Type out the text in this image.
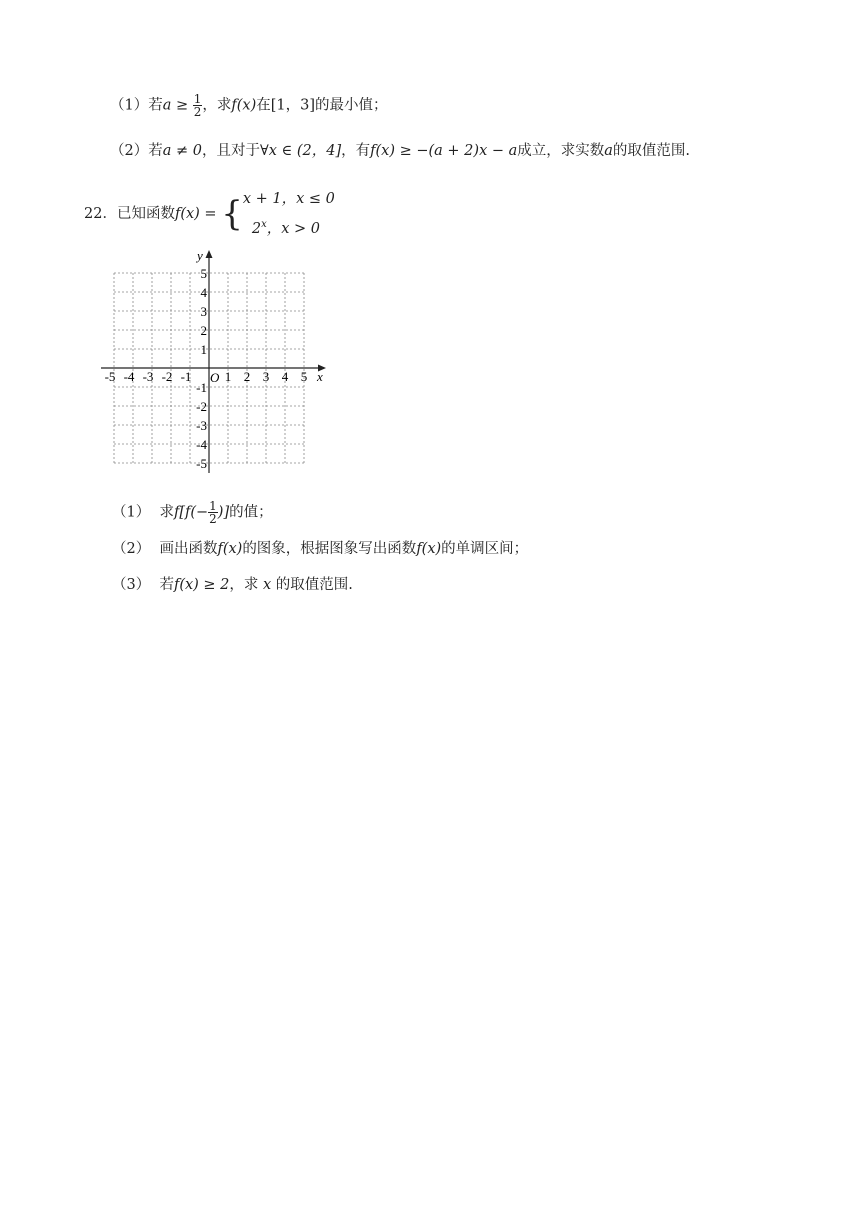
（1）若$a \ge \frac{1}{2}$ ，求f(x)在[1，3]的最小值；
（2）若a ≠ 0，且对于∀x ∈ (2，4]，有f(x) ≥ −(a + 2)x − a成立，求实数a的取值范围.
22．已知函数f(x) = { x + 1，x ≤ 0
2$^x$，x > 0
x
y
O
-5 -4 -3 -2 -1	1 2 3 4 5
5
4
3
2
1
-1
-2
-3
-4
-5
（1） 求$f[f(- \frac{1}{2}$ )]的值；
（2） 画出函数f(x)的图象，根据图象写出函数f(x)的单调区间；
（3） 若f(x) ≥ 2，求 x 的取值范围.
